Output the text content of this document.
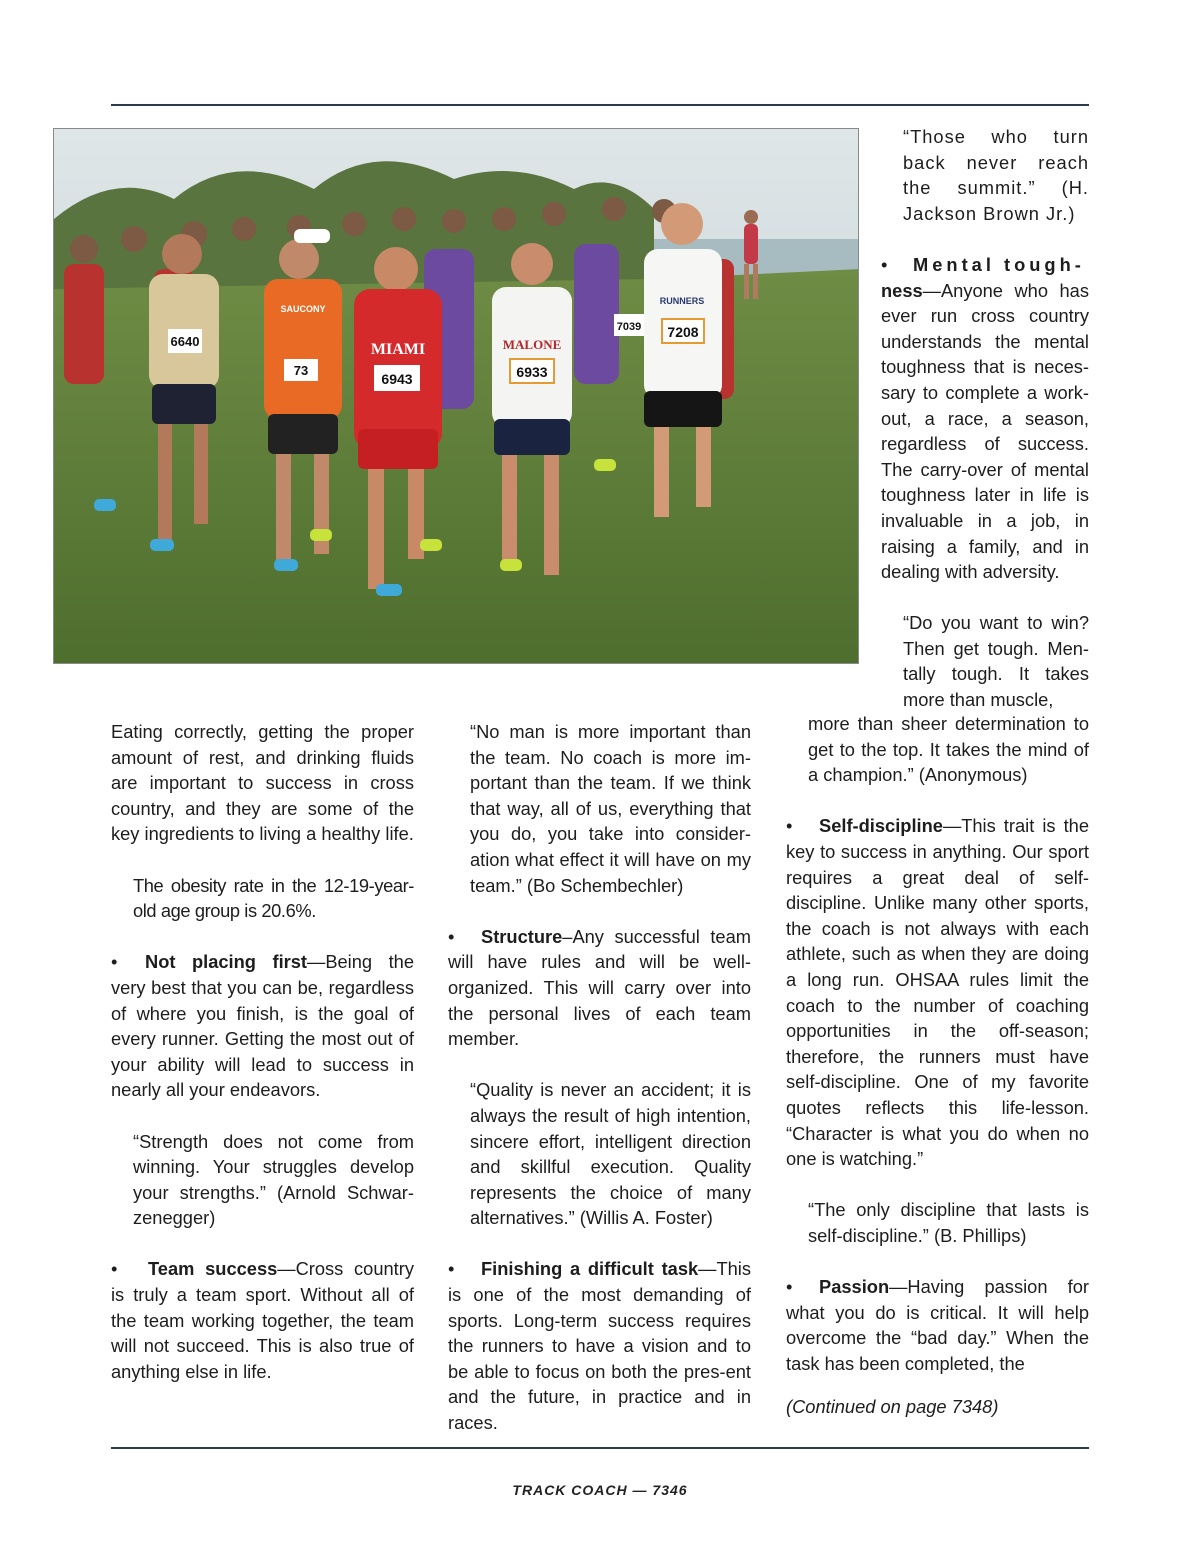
6640
73
SAUCONY
MIAMI
6943
MALONE
6933
7039
RUNNERS
7208

“Those who turn back never reach the summit.” (H. Jackson Brown Jr.)

• Mental tough-
ness—Anyone who has ever run cross country understands the mental toughness that is neces-sary to complete a work-out, a race, a season, regardless of success. The carry-over of mental toughness later in life is invaluable in a job, in raising a family, and in dealing with adversity.

“Do you want to win? Then get tough. Men-tally tough. It takes more than muscle,

more than sheer determination to get to the top. It takes the mind of a champion.” (Anonymous)

• Self-discipline—This trait is the key to success in anything. Our sport requires a great deal of self-discipline. Unlike many other sports, the coach is not always with each athlete, such as when they are doing a long run. OHSAA rules limit the coach to the number of coaching opportunities in the off-season; therefore, the runners must have self-discipline. One of my favorite quotes reflects this life-lesson. “Character is what you do when no one is watching.”

“The only discipline that lasts is self-discipline.” (B. Phillips)

• Passion—Having passion for what you do is critical. It will help overcome the “bad day.” When the task has been completed, the

(Continued on page 7348)

Eating correctly, getting the proper amount of rest, and drinking fluids are important to success in cross country, and they are some of the key ingredients to living a healthy life.

The obesity rate in the 12-19-year-old age group is 20.6%.

• Not placing first—Being the very best that you can be, regardless of where you finish, is the goal of every runner. Getting the most out of your ability will lead to success in nearly all your endeavors.

“Strength does not come from winning. Your struggles develop your strengths.” (Arnold Schwar-zenegger)

• Team success—Cross country is truly a team sport. Without all of the team working together, the team will not succeed. This is also true of anything else in life.

“No man is more important than the team. No coach is more im-portant than the team. If we think that way, all of us, everything that you do, you take into consider-ation what effect it will have on my team.” (Bo Schembechler)

• Structure–Any successful team will have rules and will be well-organized. This will carry over into the personal lives of each team member.

“Quality is never an accident; it is always the result of high intention, sincere effort, intelligent direction and skillful execution. Quality represents the choice of many alternatives.” (Willis A. Foster)

• Finishing a difficult task—This is one of the most demanding of sports. Long-term success requires the runners to have a vision and to be able to focus on both the pres-ent and the future, in practice and in races.

TRACK COACH — 7346
